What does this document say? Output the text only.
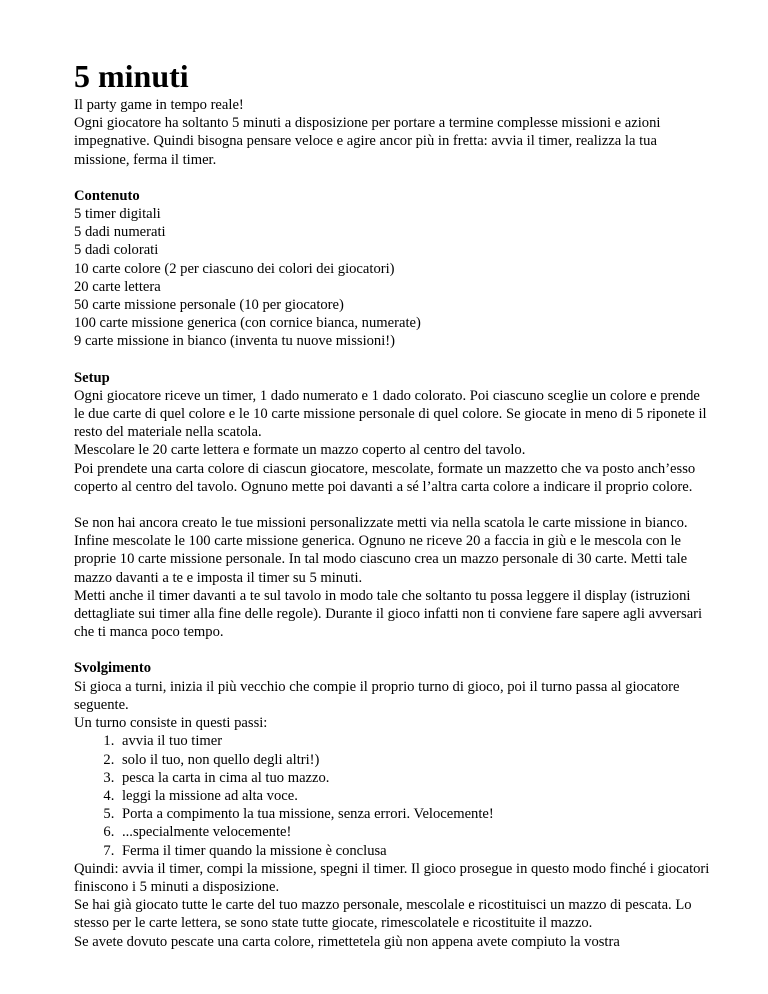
5 minuti

Il party game in tempo reale!

Ogni giocatore ha soltanto 5 minuti a disposizione per portare a termine complesse missioni e azioni impegnative. Quindi bisogna pensare veloce e agire ancor più in fretta: avvia il timer, realizza la tua missione, ferma il timer.

Contenuto

5 timer digitali

5 dadi numerati

5 dadi colorati

10 carte colore (2 per ciascuno dei colori dei giocatori)

20 carte lettera

50 carte missione personale (10 per giocatore)

100 carte missione generica (con cornice bianca, numerate)

9 carte missione in bianco (inventa tu nuove missioni!)

Setup

Ogni giocatore riceve un timer, 1 dado numerato e 1 dado colorato. Poi ciascuno sceglie un colore e prende le due carte di quel colore e le 10 carte missione personale di quel colore. Se giocate in meno di 5 riponete il resto del materiale nella scatola.

Mescolare le 20 carte lettera e formate un mazzo coperto al centro del tavolo.

Poi prendete una carta colore di ciascun giocatore, mescolate, formate un mazzetto che va posto anch’esso coperto al centro del tavolo. Ognuno mette poi davanti a sé l’altra carta colore a indicare il proprio colore.

Se non hai ancora creato le tue missioni personalizzate metti via nella scatola le carte missione in bianco.

Infine mescolate le 100 carte missione generica. Ognuno ne riceve 20 a faccia in giù e le mescola con le proprie 10 carte missione personale. In tal modo ciascuno crea un mazzo personale di 30 carte. Metti tale mazzo davanti a te e imposta il timer su 5 minuti.

Metti anche il timer davanti a te sul tavolo in modo tale che soltanto tu possa leggere il display (istruzioni dettagliate sui timer alla fine delle regole). Durante il gioco infatti non ti conviene fare sapere agli avversari che ti manca poco tempo.

Svolgimento

Si gioca a turni, inizia il più vecchio che compie il proprio turno di gioco, poi il turno passa al giocatore seguente.

Un turno consiste in questi passi:

1. avvia il tuo timer
2. solo il tuo, non quello degli altri!)
3. pesca la carta in cima al tuo mazzo.
4. leggi la missione ad alta voce.
5. Porta a compimento la tua missione, senza errori. Velocemente!
6. ...specialmente velocemente!
7. Ferma il timer quando la missione è conclusa

Quindi: avvia il timer, compi la missione, spegni il timer. Il gioco prosegue in questo modo finché i giocatori finiscono i 5 minuti a disposizione.

Se hai già giocato tutte le carte del tuo mazzo personale, mescolale e ricostituisci un mazzo di pescata. Lo stesso per le carte lettera, se sono state tutte giocate, rimescolatele e ricostituite il mazzo.

Se avete dovuto pescate una carta colore, rimettetela giù non appena avete compiuto la vostra
